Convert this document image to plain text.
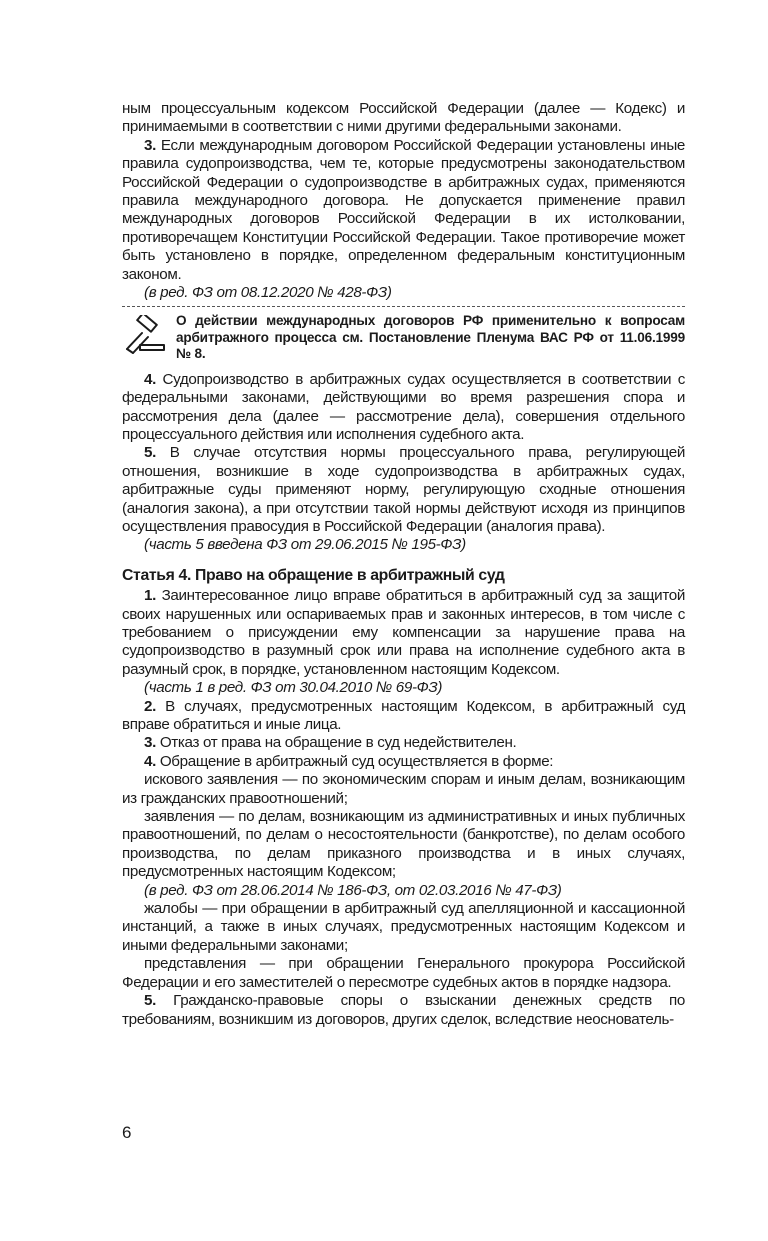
ным процессуальным кодексом Российской Федерации (далее — Кодекс) и принимаемыми в соответствии с ними другими федеральными законами.

3. Если международным договором Российской Федерации установлены иные правила судопроизводства, чем те, которые предусмотрены законодательством Российской Федерации о судопроизводстве в арбитражных судах, применяются правила международного договора. Не допускается применение правил международных договоров Российской Федерации в их истолковании, противоречащем Конституции Российской Федерации. Такое противоречие может быть установлено в порядке, определенном федеральным конституционным законом.

(в ред. ФЗ от 08.12.2020 № 428-ФЗ)

О действии международных договоров РФ применительно к вопросам арбитражного процесса см. Постановление Пленума ВАС РФ от 11.06.1999 № 8.

4. Судопроизводство в арбитражных судах осуществляется в соответствии с федеральными законами, действующими во время разрешения спора и рассмотрения дела (далее — рассмотрение дела), совершения отдельного процессуального действия или исполнения судебного акта.

5. В случае отсутствия нормы процессуального права, регулирующей отношения, возникшие в ходе судопроизводства в арбитражных судах, арбитражные суды применяют норму, регулирующую сходные отношения (аналогия закона), а при отсутствии такой нормы действуют исходя из принципов осуществления правосудия в Российской Федерации (аналогия права).

(часть 5 введена ФЗ от 29.06.2015 № 195-ФЗ)

Статья 4. Право на обращение в арбитражный суд

1. Заинтересованное лицо вправе обратиться в арбитражный суд за защитой своих нарушенных или оспариваемых прав и законных интересов, в том числе с требованием о присуждении ему компенсации за нарушение права на судопроизводство в разумный срок или права на исполнение судебного акта в разумный срок, в порядке, установленном настоящим Кодексом.

(часть 1 в ред. ФЗ от 30.04.2010 № 69-ФЗ)

2. В случаях, предусмотренных настоящим Кодексом, в арбитражный суд вправе обратиться и иные лица.

3. Отказ от права на обращение в суд недействителен.

4. Обращение в арбитражный суд осуществляется в форме:

искового заявления — по экономическим спорам и иным делам, возникающим из гражданских правоотношений;

заявления — по делам, возникающим из административных и иных публичных правоотношений, по делам о несостоятельности (банкротстве), по делам особого производства, по делам приказного производства и в иных случаях, предусмотренных настоящим Кодексом;

(в ред. ФЗ от 28.06.2014 № 186-ФЗ, от 02.03.2016 № 47-ФЗ)

жалобы — при обращении в арбитражный суд апелляционной и кассационной инстанций, а также в иных случаях, предусмотренных настоящим Кодексом и иными федеральными законами;

представления — при обращении Генерального прокурора Российской Федерации и его заместителей о пересмотре судебных актов в порядке надзора.

5. Гражданско-правовые споры о взыскании денежных средств по требованиям, возникшим из договоров, других сделок, вследствие неоснователь-

6
